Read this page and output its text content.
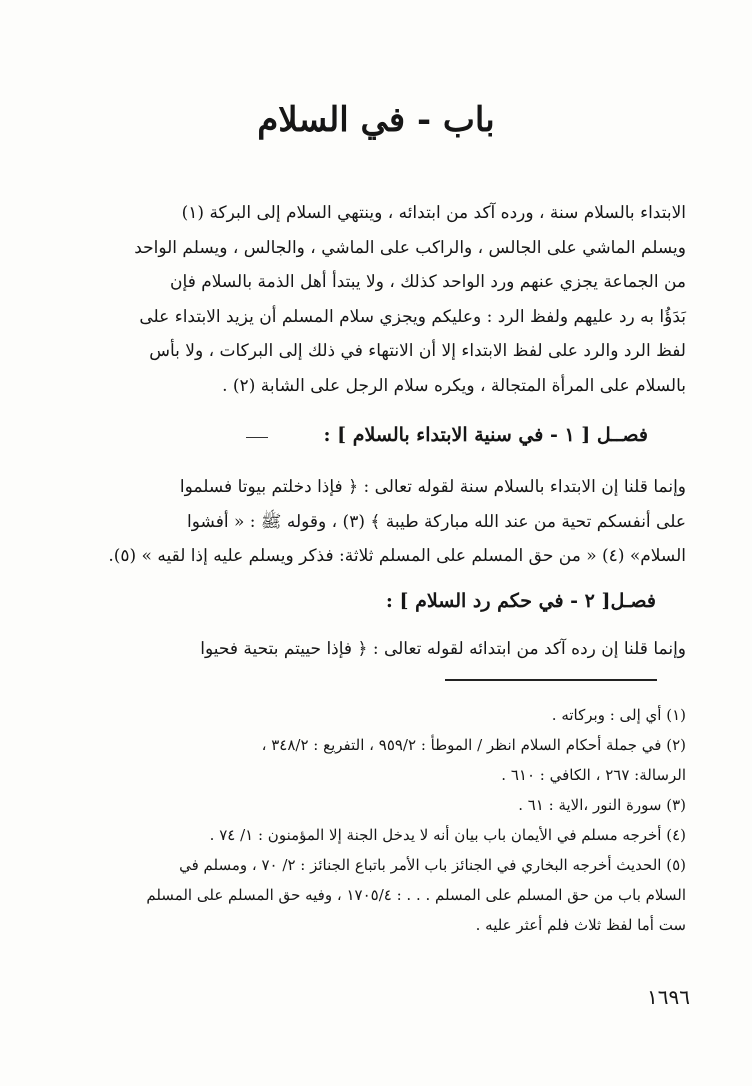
باب - في السلام
الابتداء بالسلام سنة ، ورده آكد من ابتدائه ، وينتهي السلام إلى البركة (١)
ويسلم الماشي على الجالس ، والراكب على الماشي ، والجالس ، ويسلم الواحد
من الجماعة يجزي عنهم ورد الواحد كذلك ، ولا يبتدأ أهل الذمة بالسلام فإن
بَدَؤُا به رد عليهم ولفظ الرد : وعليكم ويجزي سلام المسلم أن يزيد الابتداء على
لفظ الرد والرد على لفظ الابتداء إلا أن الانتهاء في ذلك إلى البركات ، ولا بأس
بالسلام على المرأة المتجالة ، ويكره سلام الرجل على الشابة (٢) .
فصــل [ ١ - في سنية الابتداء بالسلام ] :
وإنما قلنا إن الابتداء بالسلام سنة لقوله تعالى : ﴿ فإذا دخلتم بيوتا فسلموا
على أنفسكم تحية من عند الله مباركة طيبة ﴾ (٣) ، وقوله ﷺ : « أفشوا
السلام» (٤) « من حق المسلم على المسلم ثلاثة: فذكر ويسلم عليه إذا لقيه » (٥).
فصـل[ ٢ - في حكم رد السلام ] :
وإنما قلنا إن رده آكد من ابتدائه لقوله تعالى : ﴿ فإذا حييتم بتحية فحيوا
(١) أي إلى : وبركاته .
(٢) في جملة أحكام السلام انظر / الموطأ : ٩٥٩/٢ ، التفريع : ٣٤٨/٢ ،
الرسالة: ٢٦٧ ، الكافي : ٦١٠ .
(٣) سورة النور ،الاية : ٦١ .
(٤) أخرجه مسلم في الأيمان باب بيان أنه لا يدخل الجنة إلا المؤمنون : ١/ ٧٤ .
(٥) الحديث أخرجه البخاري في الجنائز باب الأمر باتباع الجنائز : ٢/ ٧٠ ، ومسلم في
السلام باب من حق المسلم على المسلم . . . : ١٧٠٥/٤ ، وفيه حق المسلم على المسلم
ست أما لفظ ثلاث فلم أعثر عليه .
١٦٩٦
